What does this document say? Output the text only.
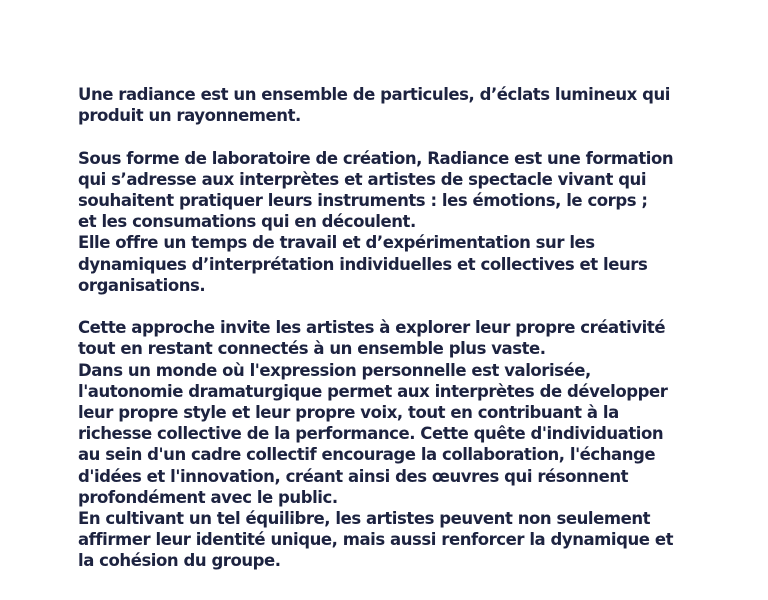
Une radiance est un ensemble de particules, d’éclats lumineux qui
produit un rayonnement.

Sous forme de laboratoire de création, Radiance est une formation
qui s’adresse aux interprètes et artistes de spectacle vivant qui
souhaitent pratiquer leurs instruments : les émotions, le corps ;
et les consumations qui en découlent.
Elle offre un temps de travail et d’expérimentation sur les
dynamiques d’interprétation individuelles et collectives et leurs
organisations.

Cette approche invite les artistes à explorer leur propre créativité
tout en restant connectés à un ensemble plus vaste.
Dans un monde où l'expression personnelle est valorisée,
l'autonomie dramaturgique permet aux interprètes de développer
leur propre style et leur propre voix, tout en contribuant à la
richesse collective de la performance. Cette quête d'individuation
au sein d'un cadre collectif encourage la collaboration, l'échange
d'idées et l'innovation, créant ainsi des œuvres qui résonnent
profondément avec le public.
En cultivant un tel équilibre, les artistes peuvent non seulement
affirmer leur identité unique, mais aussi renforcer la dynamique et
la cohésion du groupe.
